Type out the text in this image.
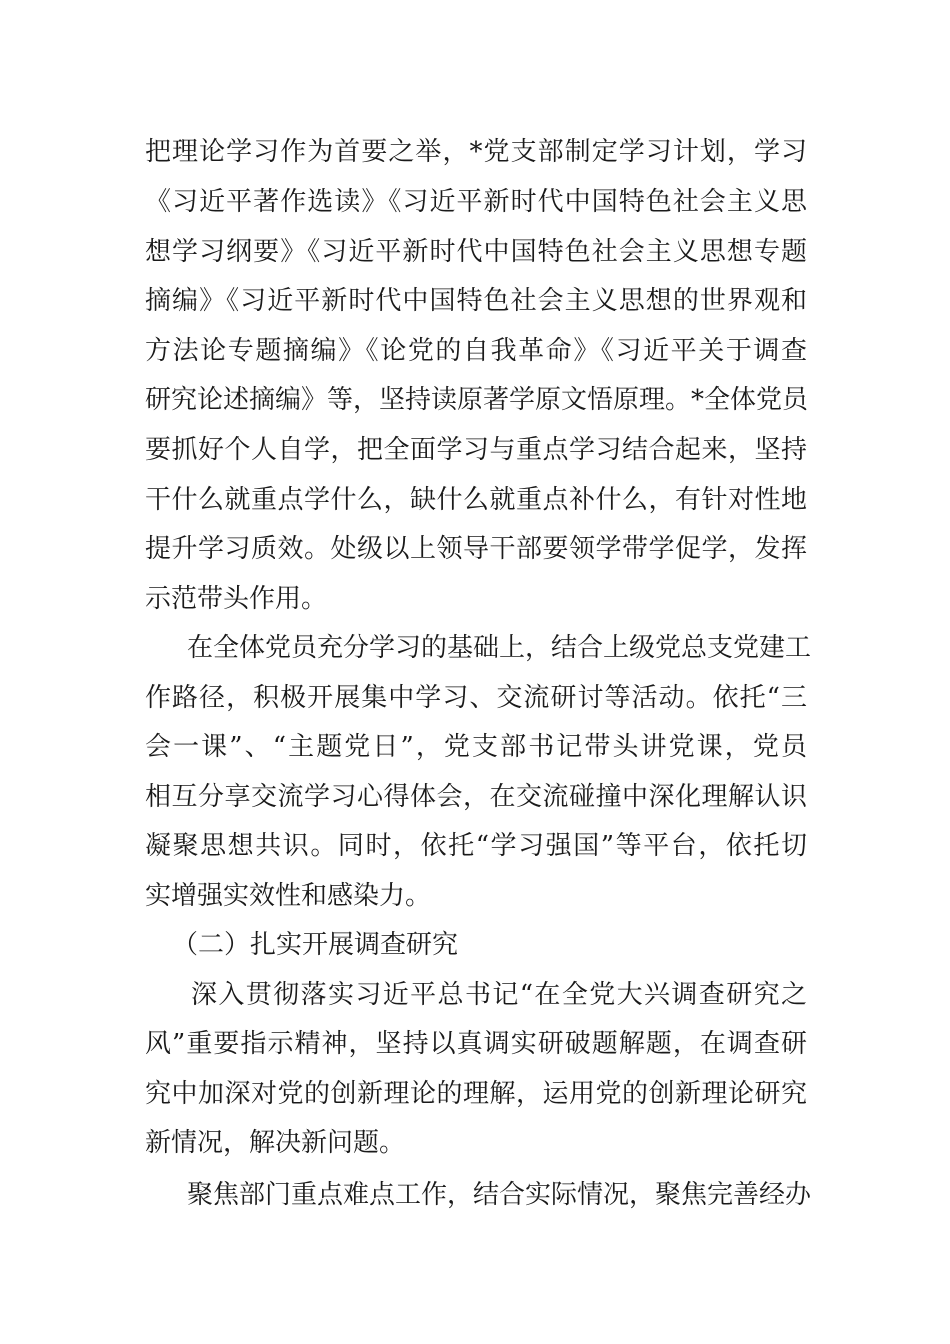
把理论学习作为首要之举，*党支部制定学习计划，学习
《习近平著作选读》《习近平新时代中国特色社会主义思
想学习纲要》《习近平新时代中国特色社会主义思想专题
摘编》《习近平新时代中国特色社会主义思想的世界观和
方法论专题摘编》《论党的自我革命》《习近平关于调查
研究论述摘编》等，坚持读原著学原文悟原理。*全体党员
要抓好个人自学，把全面学习与重点学习结合起来，坚持
干什么就重点学什么，缺什么就重点补什么，有针对性地
提升学习质效。处级以上领导干部要领学带学促学，发挥
示范带头作用。
在全体党员充分学习的基础上，结合上级党总支党建工
作路径，积极开展集中学习、交流研讨等活动。依托“三
会一课”、“主题党日”，党支部书记带头讲党课，党员
相互分享交流学习心得体会，在交流碰撞中深化理解认识
凝聚思想共识。同时，依托“学习强国”等平台，依托切
实增强实效性和感染力。
（二）扎实开展调查研究
深入贯彻落实习近平总书记“在全党大兴调查研究之
风”重要指示精神，坚持以真调实研破题解题，在调查研
究中加深对党的创新理论的理解，运用党的创新理论研究
新情况，解决新问题。
聚焦部门重点难点工作，结合实际情况，聚焦完善经办
